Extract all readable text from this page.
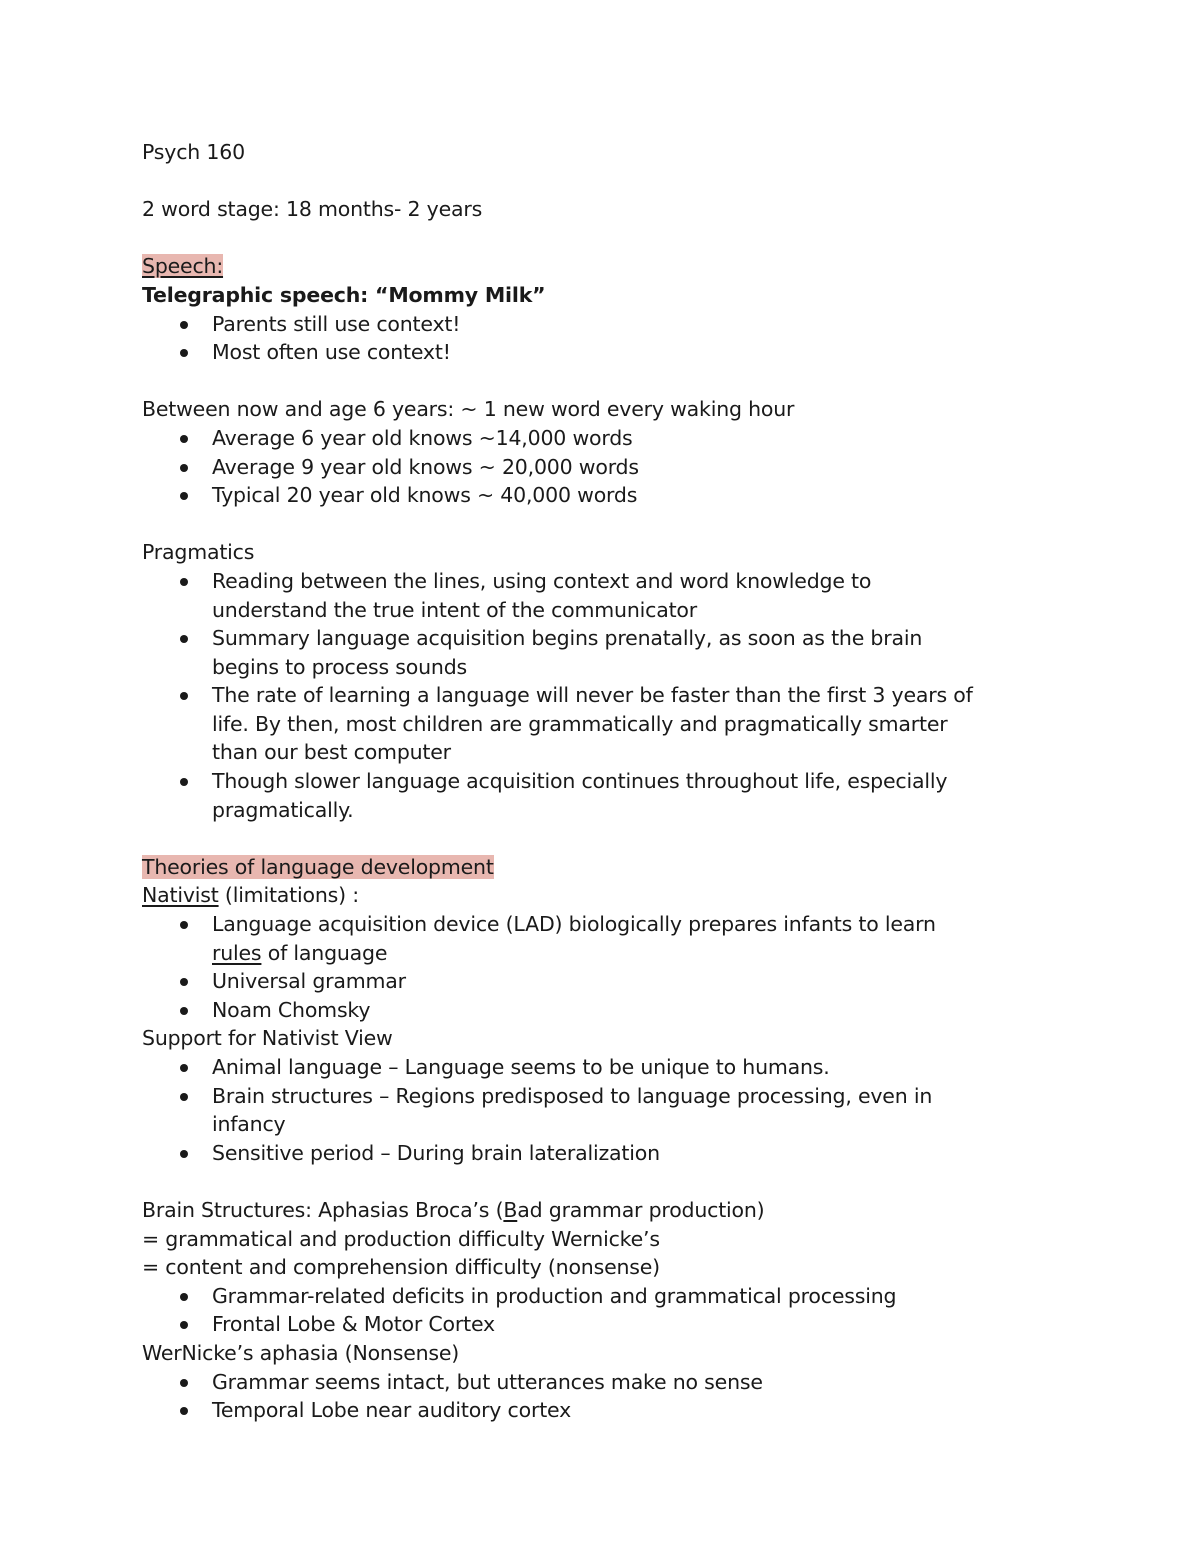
Psych 160
2 word stage: 18 months- 2 years
Speech:
Telegraphic speech: “Mommy Milk”
Parents still use context!
Most often use context!
Between now and age 6 years: ~ 1 new word every waking hour
Average 6 year old knows ~14,000 words
Average 9 year old knows ~ 20,000 words
Typical 20 year old knows ~ 40,000 words
Pragmatics
Reading between the lines, using context and word knowledge to
understand the true intent of the communicator
Summary language acquisition begins prenatally, as soon as the brain
begins to process sounds
The rate of learning a language will never be faster than the first 3 years of
life. By then, most children are grammatically and pragmatically smarter
than our best computer
Though slower language acquisition continues throughout life, especially
pragmatically.
Theories of language development
Nativist (limitations) :
Language acquisition device (LAD) biologically prepares infants to learn
rules of language
Universal grammar
Noam Chomsky
Support for Nativist View
Animal language – Language seems to be unique to humans.
Brain structures – Regions predisposed to language processing, even in
infancy
Sensitive period – During brain lateralization
Brain Structures: Aphasias Broca’s (Bad grammar production)
= grammatical and production difficulty Wernicke’s
= content and comprehension difficulty (nonsense)
Grammar-related deficits in production and grammatical processing
Frontal Lobe & Motor Cortex
WerNicke’s aphasia (Nonsense)
Grammar seems intact, but utterances make no sense
Temporal Lobe near auditory cortex
